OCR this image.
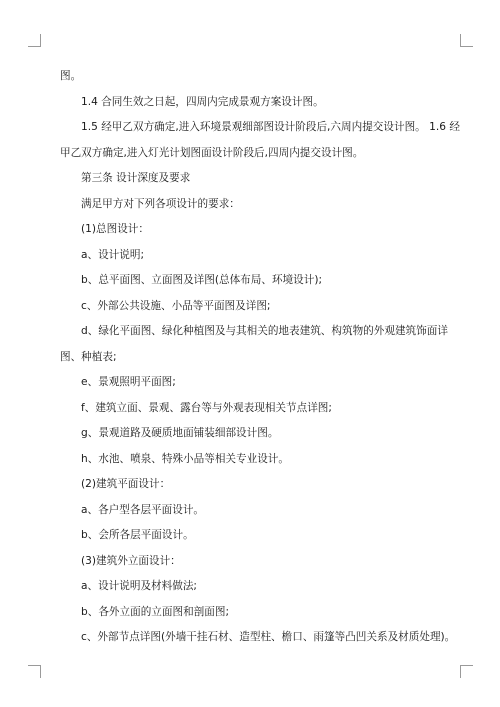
图。
1.4 合同生效之日起，四周内完成景观方案设计图。
1.5 经甲乙双方确定,进入环境景观细部图设计阶段后,六周内提交设计图。 1.6 经
甲乙双方确定,进入灯光计划图面设计阶段后,四周内提交设计图。
第三条 设计深度及要求
满足甲方对下列各项设计的要求：
(1)总图设计：
a、设计说明;
b、总平面图、立面图及详图(总体布局、环境设计);
c、外部公共设施、小品等平面图及详图;
d、绿化平面图、绿化种植图及与其相关的地表建筑、构筑物的外观建筑饰面详
图、种植表;
e、景观照明平面图;
f、建筑立面、景观、露台等与外观表现相关节点详图;
g、景观道路及硬质地面铺装细部设计图。
h、水池、喷泉、特殊小品等相关专业设计。
(2)建筑平面设计：
a、各户型各层平面设计。
b、会所各层平面设计。
(3)建筑外立面设计：
a、设计说明及材料做法;
b、各外立面的立面图和剖面图;
c、外部节点详图(外墙干挂石材、造型柱、檐口、雨篷等凸凹关系及材质处理)。
